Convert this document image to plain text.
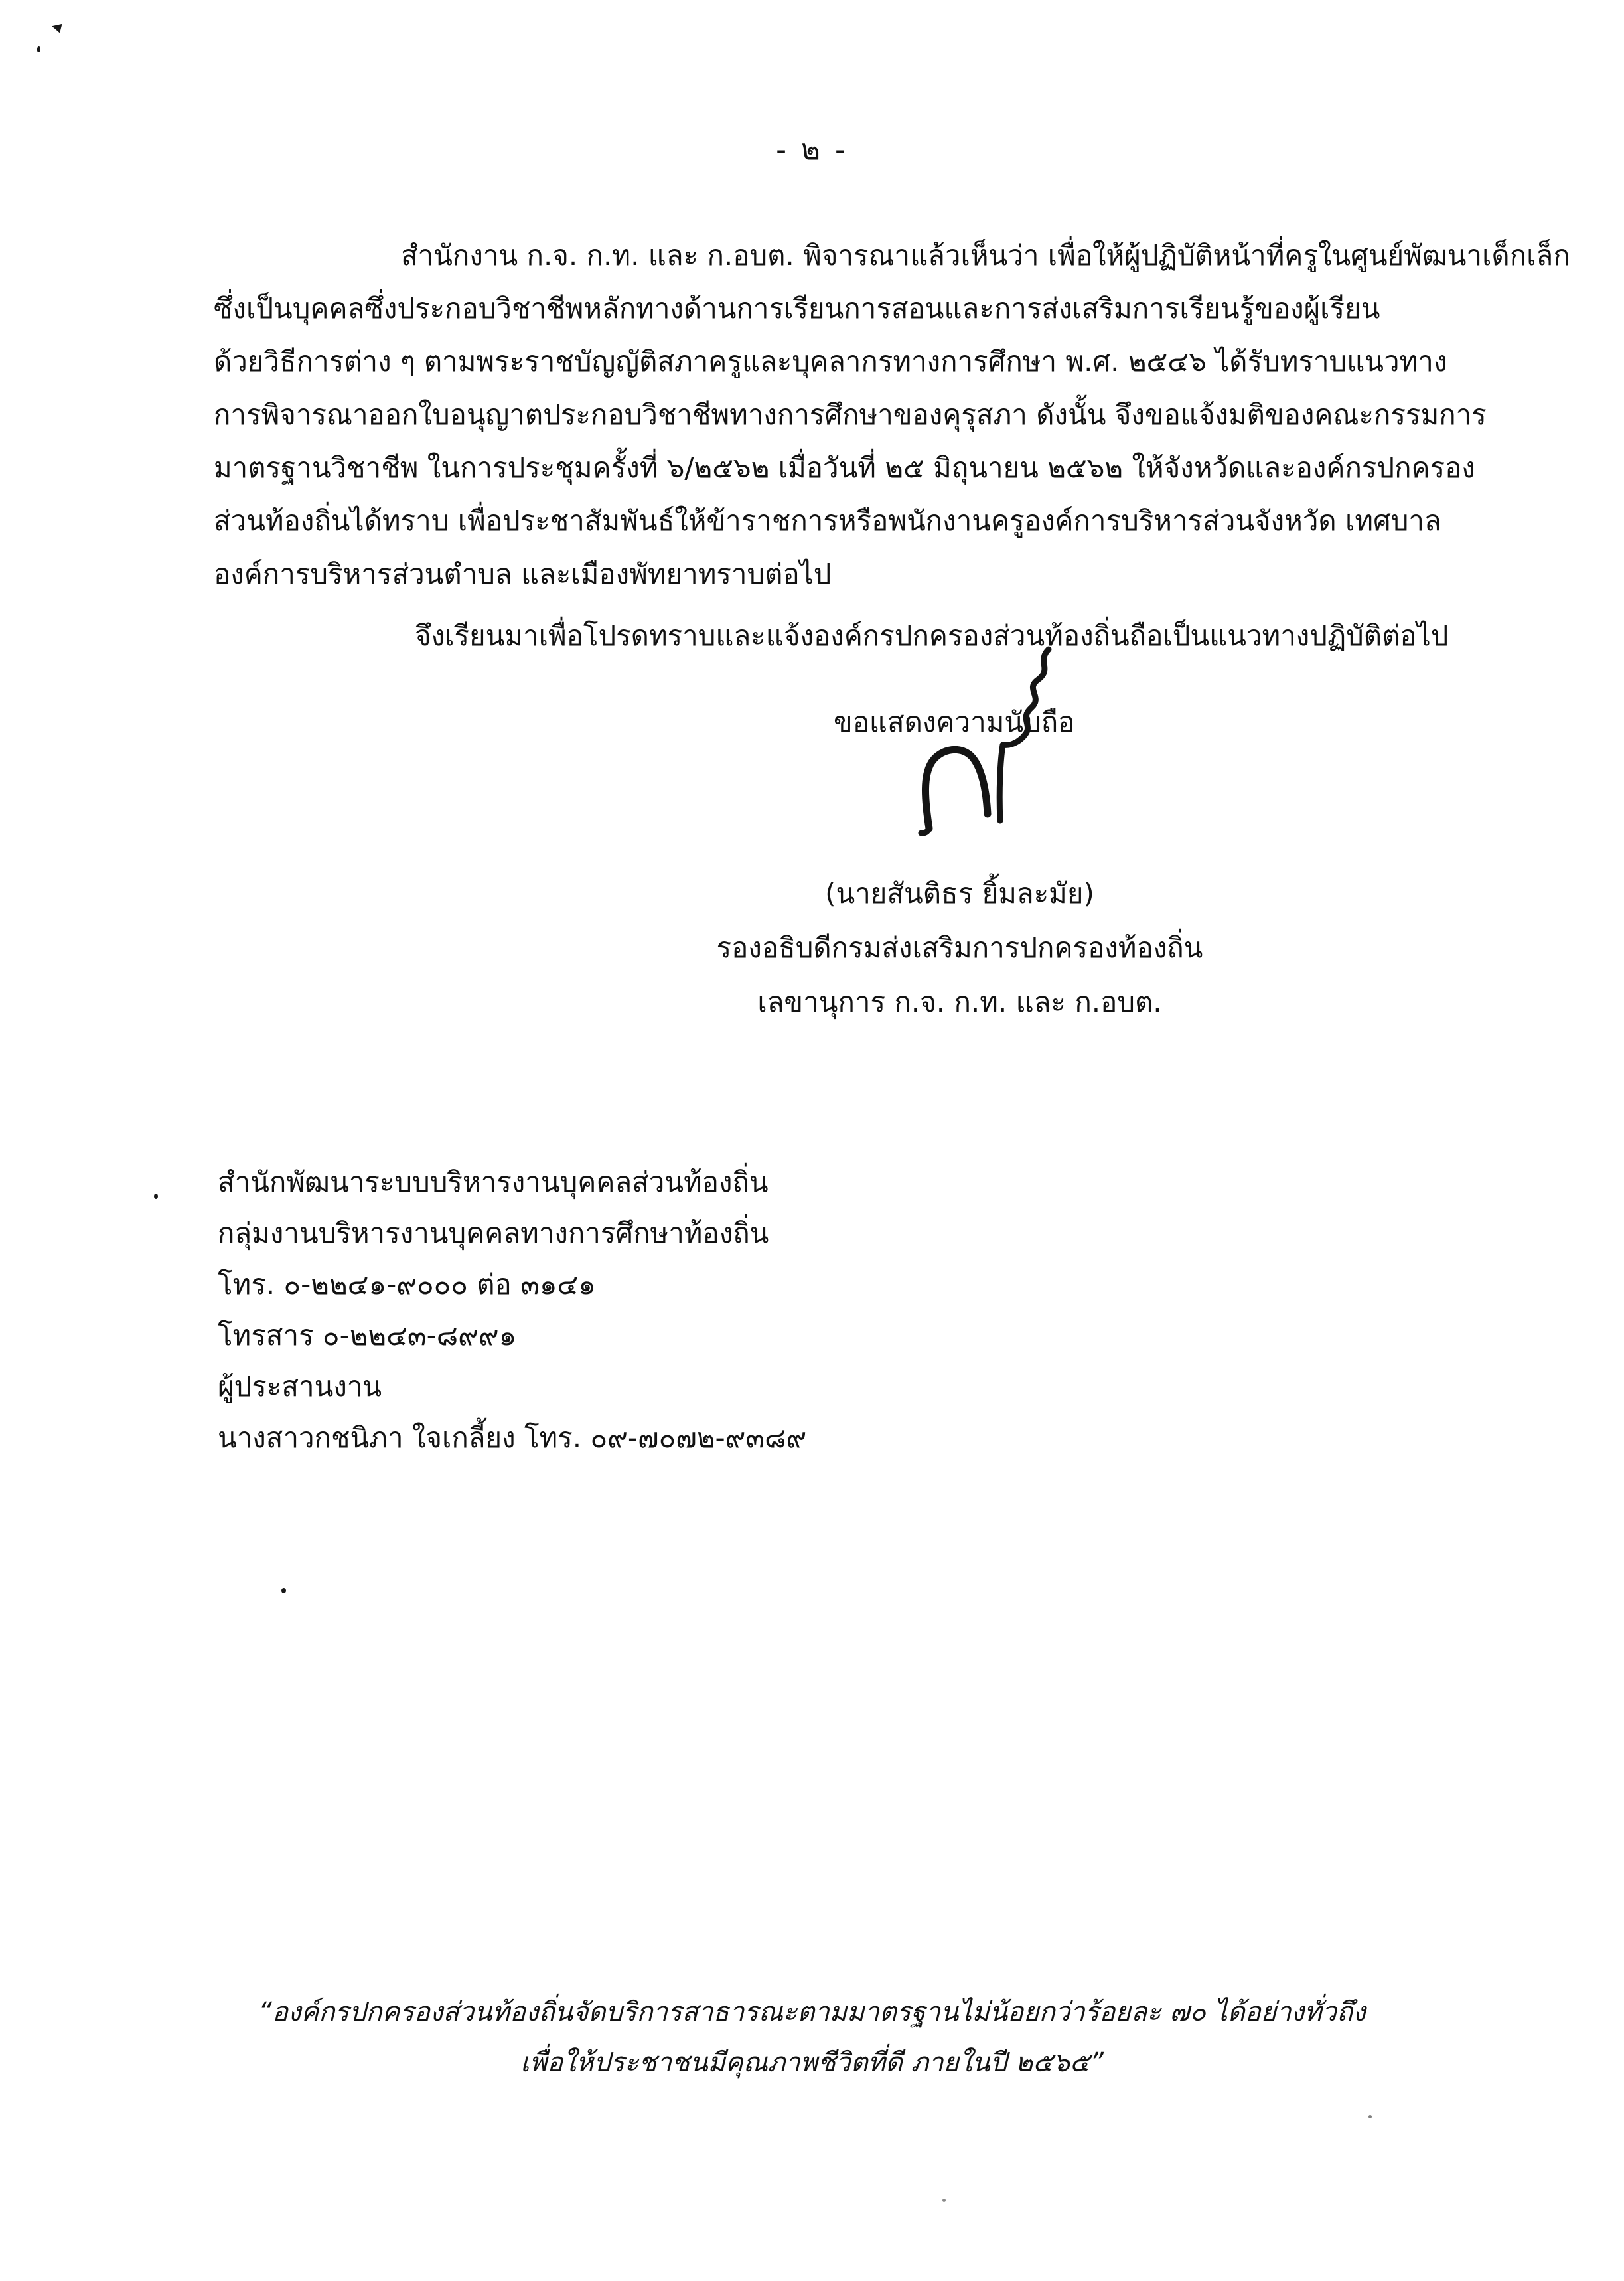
- ๒ -
สำนักงาน ก.จ. ก.ท. และ ก.อบต. พิจารณาแล้วเห็นว่า เพื่อให้ผู้ปฏิบัติหน้าที่ครูในศูนย์พัฒนาเด็กเล็ก
ซึ่งเป็นบุคคลซึ่งประกอบวิชาชีพหลักทางด้านการเรียนการสอนและการส่งเสริมการเรียนรู้ของผู้เรียน
ด้วยวิธีการต่าง ๆ ตามพระราชบัญญัติสภาครูและบุคลากรทางการศึกษา พ.ศ. ๒๕๔๖ ได้รับทราบแนวทาง
การพิจารณาออกใบอนุญาตประกอบวิชาชีพทางการศึกษาของคุรุสภา ดังนั้น จึงขอแจ้งมติของคณะกรรมการ
มาตรฐานวิชาชีพ ในการประชุมครั้งที่ ๖/๒๕๖๒ เมื่อวันที่ ๒๕ มิถุนายน ๒๕๖๒ ให้จังหวัดและองค์กรปกครอง
ส่วนท้องถิ่นได้ทราบ เพื่อประชาสัมพันธ์ให้ข้าราชการหรือพนักงานครูองค์การบริหารส่วนจังหวัด เทศบาล
องค์การบริหารส่วนตำบล และเมืองพัทยาทราบต่อไป
จึงเรียนมาเพื่อโปรดทราบและแจ้งองค์กรปกครองส่วนท้องถิ่นถือเป็นแนวทางปฏิบัติต่อไป
ขอแสดงความนับถือ
(นายสันติธร ยิ้มละมัย)
รองอธิบดีกรมส่งเสริมการปกครองท้องถิ่น
เลขานุการ ก.จ. ก.ท. และ ก.อบต.
สำนักพัฒนาระบบบริหารงานบุคคลส่วนท้องถิ่น
กลุ่มงานบริหารงานบุคคลทางการศึกษาท้องถิ่น
โทร. ๐-๒๒๔๑-๙๐๐๐ ต่อ ๓๑๔๑
โทรสาร ๐-๒๒๔๓-๘๙๙๑
ผู้ประสานงาน
นางสาวกชนิภา ใจเกลี้ยง โทร. ๐๙-๗๐๗๒-๙๓๘๙
“องค์กรปกครองส่วนท้องถิ่นจัดบริการสาธารณะตามมาตรฐานไม่น้อยกว่าร้อยละ ๗๐ ได้อย่างทั่วถึง
เพื่อให้ประชาชนมีคุณภาพชีวิตที่ดี ภายในปี ๒๕๖๕”
